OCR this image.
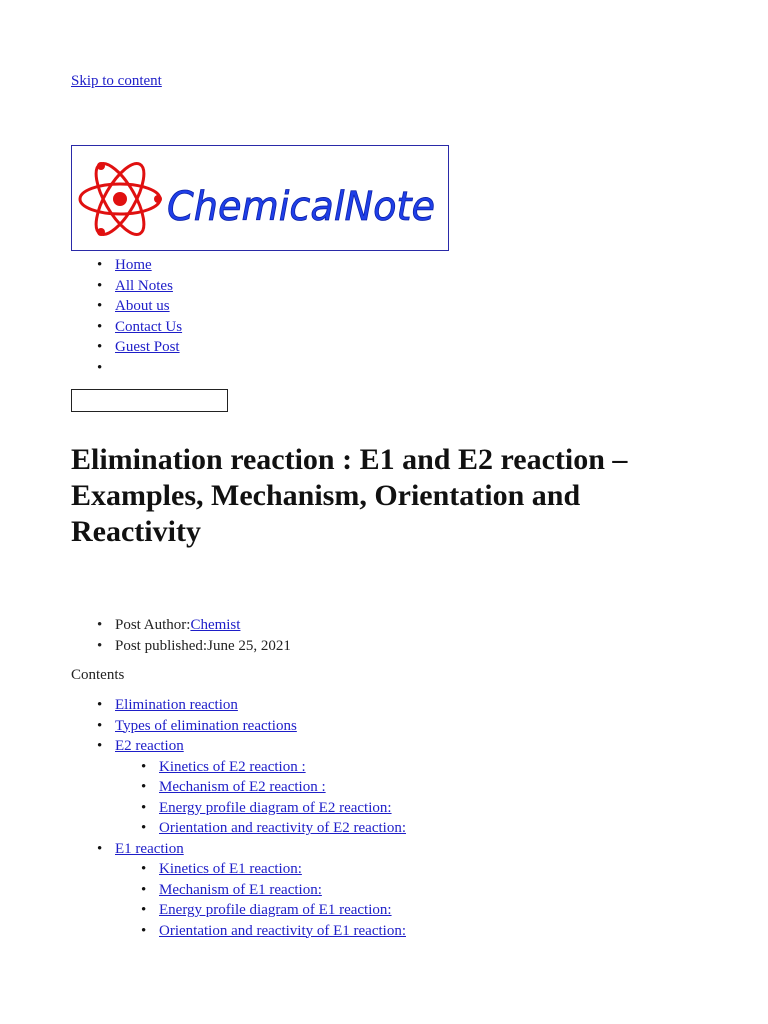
Skip to content
ChemicalNote
• Home
• All Notes
• About us
• Contact Us
• Guest Post
•
Elimination reaction : E1 and E2 reaction – Examples, Mechanism, Orientation and Reactivity
• Post Author:Chemist
• Post published:June 25, 2021
Contents
• Elimination reaction
• Types of elimination reactions
• E2 reaction
• Kinetics of E2 reaction :
• Mechanism of E2 reaction :
• Energy profile diagram of E2 reaction:
• Orientation and reactivity of E2 reaction:
• E1 reaction
• Kinetics of E1 reaction:
• Mechanism of E1 reaction:
• Energy profile diagram of E1 reaction:
• Orientation and reactivity of E1 reaction:
